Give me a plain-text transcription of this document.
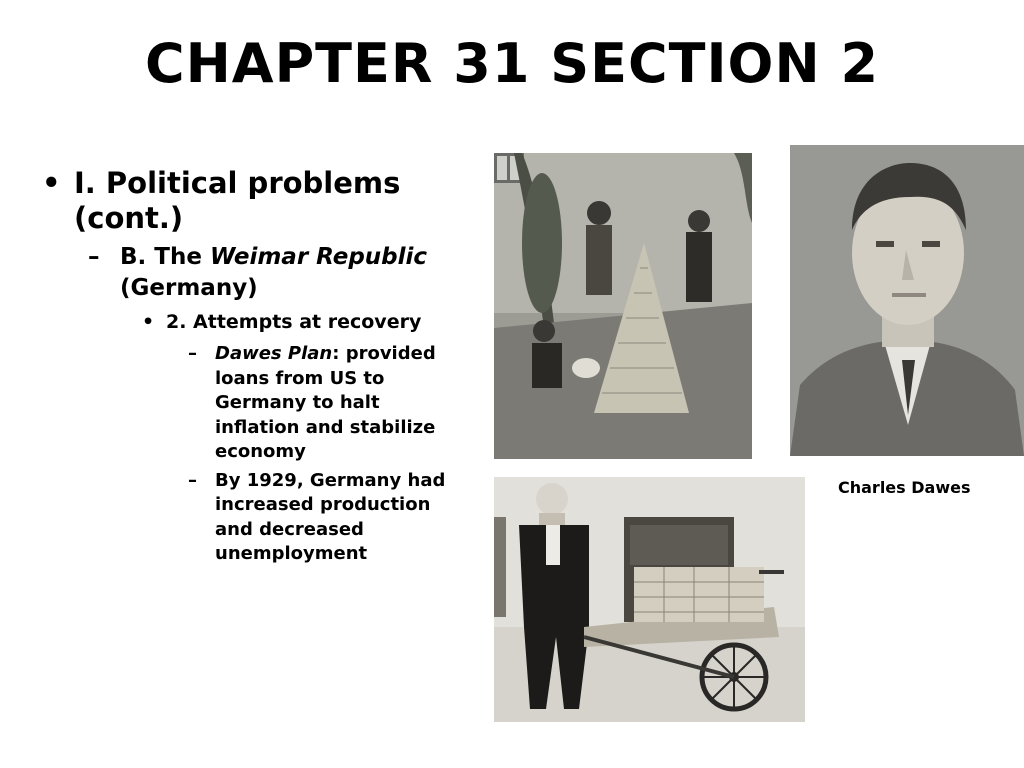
CHAPTER 31 SECTION 2
• I. Political problems (cont.)
– B. The Weimar Republic (Germany)
• 2. Attempts at recovery
– Dawes Plan: provided loans from US to Germany to halt inflation and stabilize economy
– By 1929, Germany had increased production and decreased unemployment
Charles Dawes
